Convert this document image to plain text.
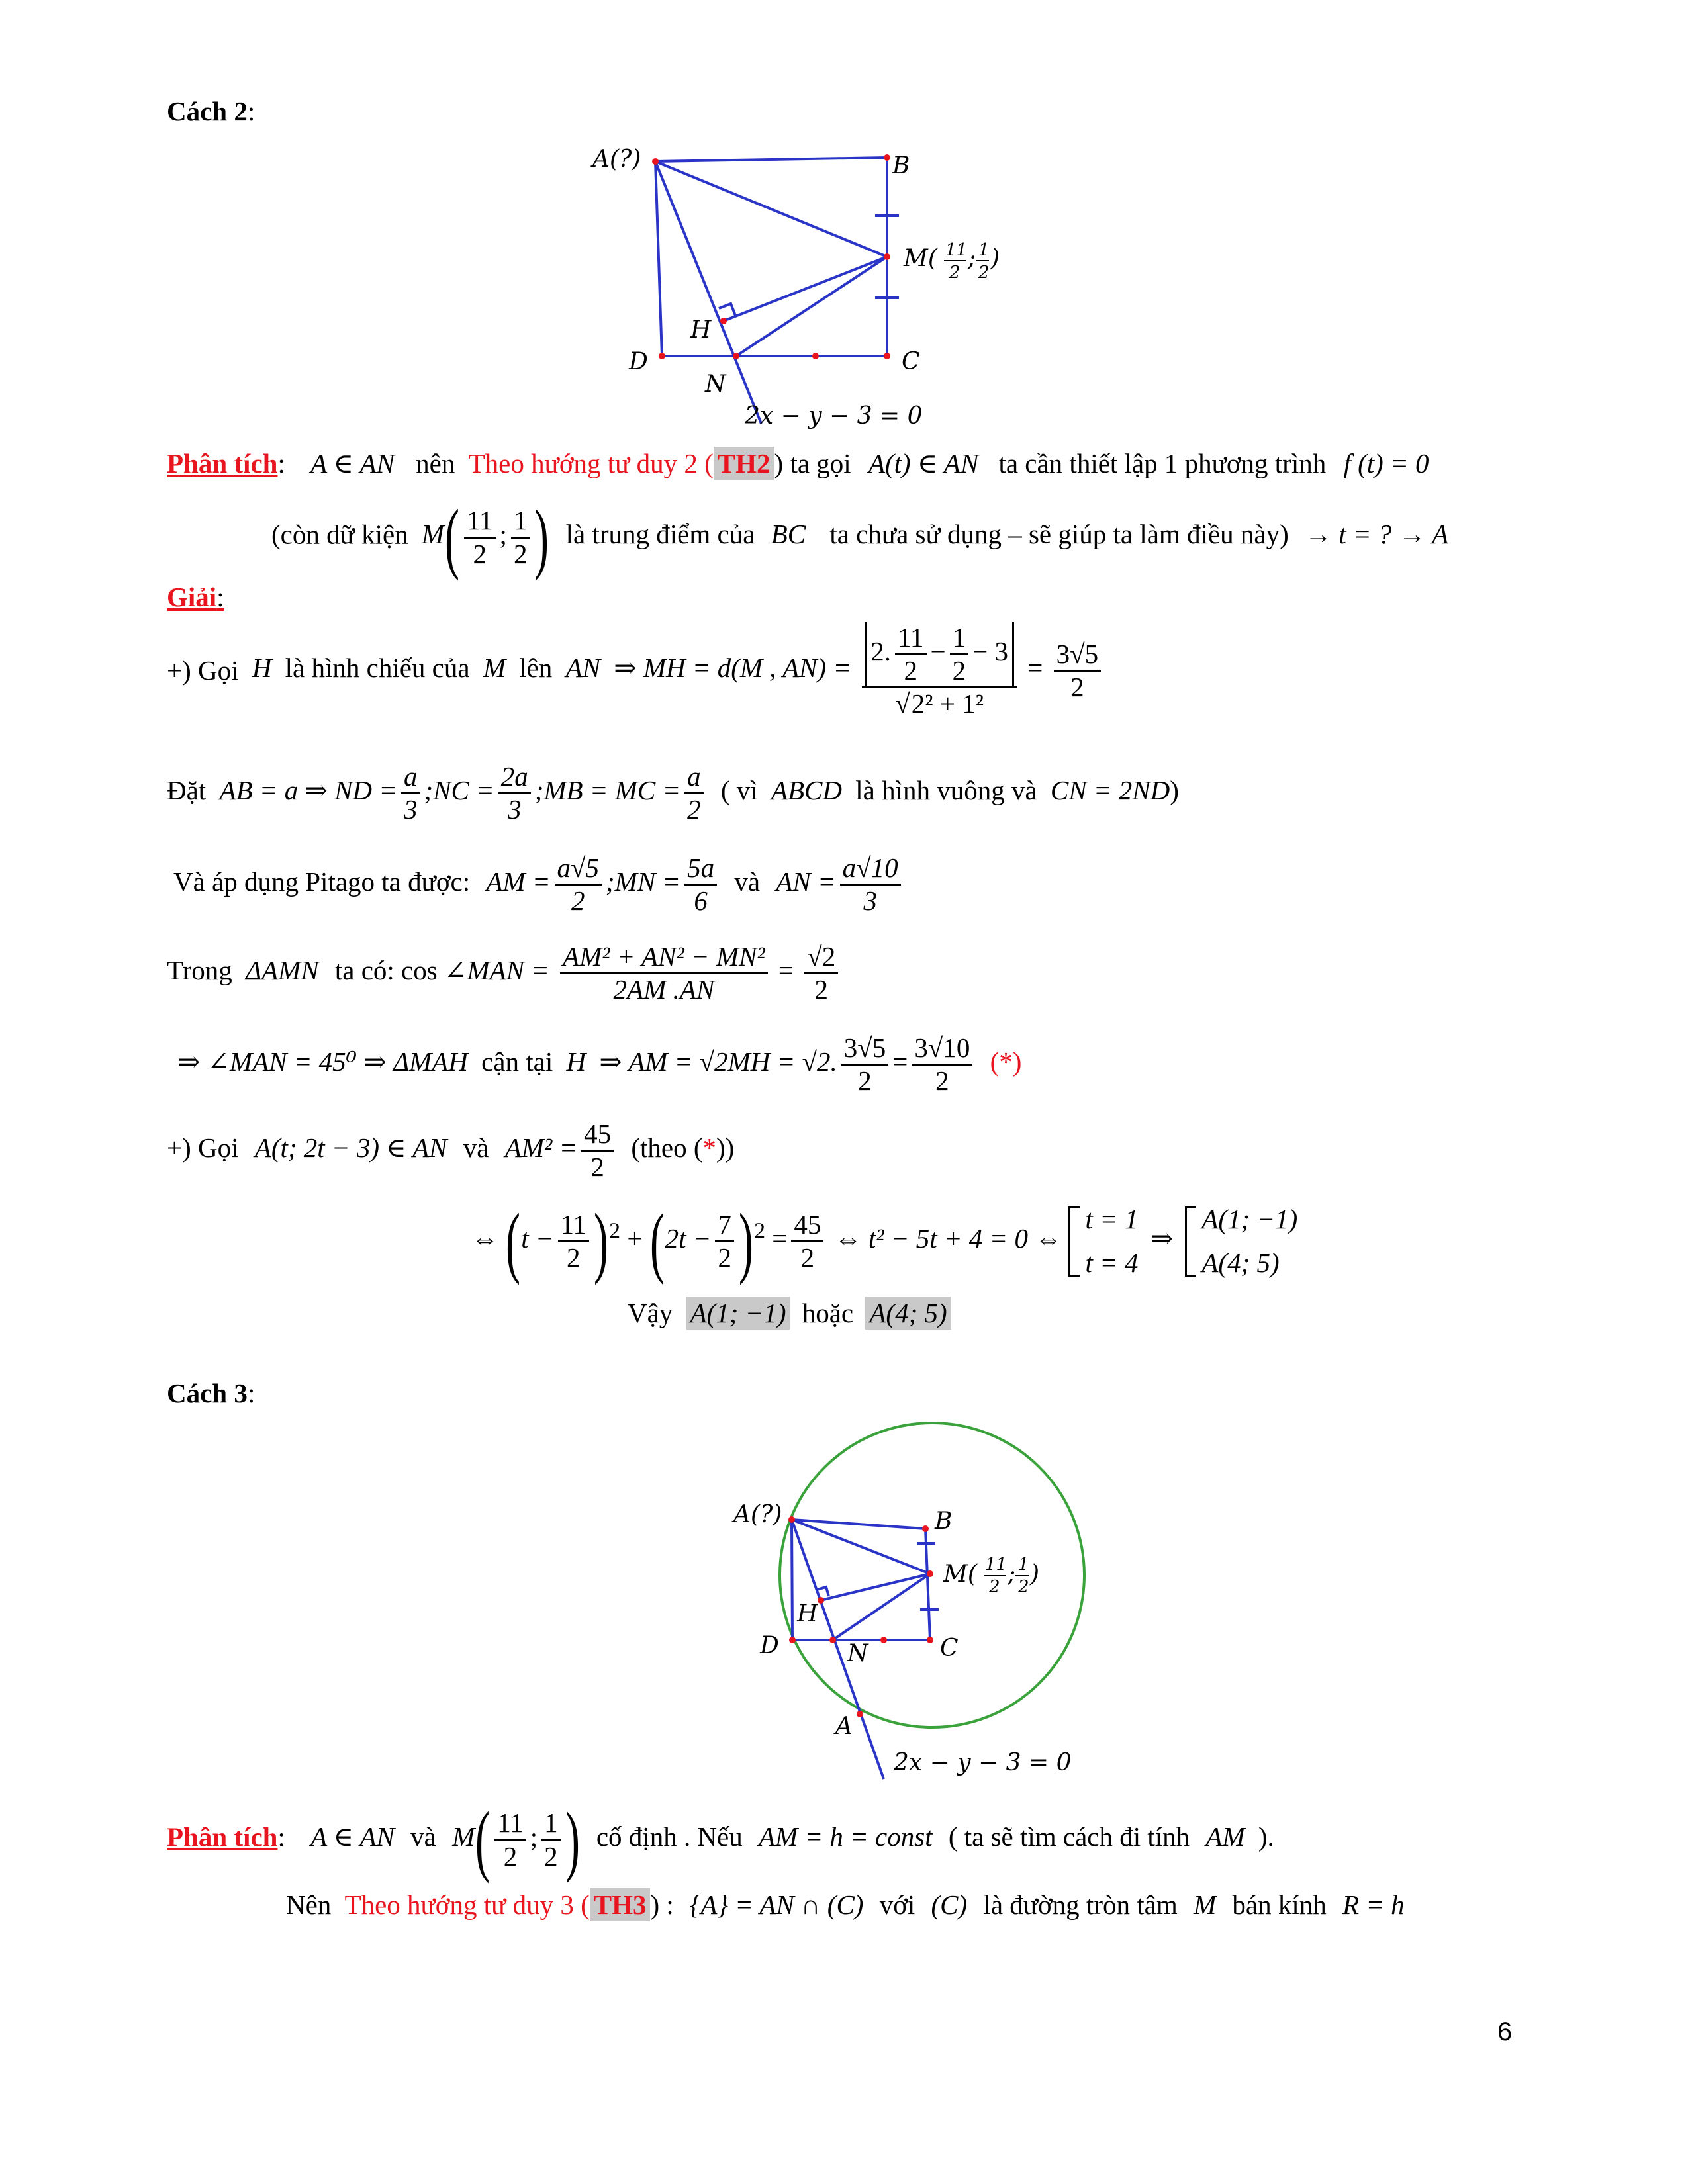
Cách 2:
A(?)	B
C
D
H
N
M( 11
2
; 1
2
)
2x − y − 3 = 0
Phân tích: A ∈ AN nên Theo hướng tư duy 2 ( TH2 ) ta gọi A(t) ∈ AN ta cần thiết lập 1 phương trình f (t) = 0
(còn dữ kiện $M( \frac{11}{2}$ ; $\frac{1}{2}$ ) là trung điểm của BC ta chưa sử dụng – sẽ giúp ta làm điều này) → t = ? → A
Giải:
+) Gọi H là hình chiếu của M lên AN ⇒ MH = d(M , $AN) = \frac{2. \frac{11}{2} - \frac{1}{2} - 3}{\text{√2² + 1²}} = \frac{3√5}{2}$
Đặt AB = a ⇒ ND = $\frac{a}{3}$ ;NC = $\frac{2a}{3}$ ;MB = MC = $\frac{a}{2}$ ( vì ABCD là hình vuông và CN = 2ND)
Và áp dụng Pitago ta được: AM = $\frac{a√5}{2}$ ;MN = $\frac{5a}{6}$ và AN = $\frac{a√10}{3}$
Trong ΔAMN ta có: cos ∠MAN = $\frac{\text{AM² + AN² − MN²}}{2AM .AN} = \frac{√2}{2}$
⇒ ∠MAN = 45⁰ ⇒ ΔMAH cận tại H ⇒ AM = √2MH = √2. $\frac{3√5}{2} = \frac{3√10}{2}$ (*)
+) Gọi A(t; 2t − 3) ∈ AN và $AM^2 = \frac{45}{2}$ (theo (*))
⇔ $(t - \frac{11}{2} )^2 + (2t - \frac{7}{2} )^2 = \frac{45}{2}$ ⇔ t² − 5t + 4 = 0 ⇔
t = 1
t = 4
⇒
A(1; −1)
A(4; 5)
Vậy A(1; −1) hoặc A(4; 5)
Cách 3:
A(?)	B
C
D
H
N
A
M( 11
2 ; 1
2 )
2x − y − 3 = 0
Phân tích: A ∈ AN và $M( \frac{11}{2}$ ; $\frac{1}{2}$ ) cố định . Nếu AM = h = const ( ta sẽ tìm cách đi tính AM ).
Nên Theo hướng tư duy 3 ( TH3 ) : {A} = AN ∩ (C) với (C) là đường tròn tâm M bán kính R = h
6
